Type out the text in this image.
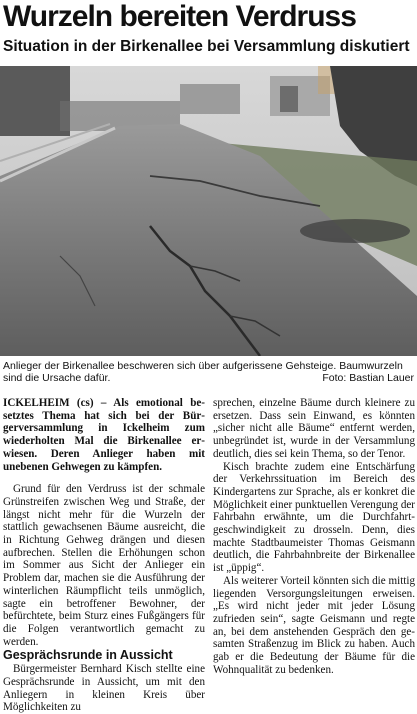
Wurzeln bereiten Verdruss
Situation in der Birkenallee bei Versammlung diskutiert
Anlieger der Birkenallee beschweren sich über aufgerissene Gehsteige. Baumwurzeln sind die Ursache dafür.	Foto: Bastian Lauer

ICKELHEIM (cs) – Als emotional besetztes Thema hat sich bei der Bürgerversammlung in Ickelheim zum wiederholten Mal die Birkenallee erwiesen. Deren Anlieger haben mit unebenen Gehwegen zu kämpfen.

Grund für den Verdruss ist der schmale Grünstreifen zwischen Weg und Straße, der längst nicht mehr für die Wurzeln der stattlich gewachsenen Bäume ausreicht, die in Richtung Gehweg drängen und diesen aufbrechen. Stellen die Erhöhungen schon im Sommer aus Sicht der Anlieger ein Problem dar, machen sie die Ausführung der winterlichen Räumpflicht teils unmöglich, sagte ein betroffener Bewohner, der befürchtete, beim Sturz eines Fußgängers für die Folgen verantwortlich gemacht zu werden.

Gesprächsrunde in Aussicht

Bürgermeister Bernhard Kisch stellte eine Gesprächsrunde in Aussicht, um mit den Anliegern in kleinen Kreis über Möglichkeiten zu

sprechen, einzelne Bäume durch kleinere zu ersetzen. Dass sein Einwand, es könnten „sicher nicht alle Bäume“ entfernt werden, unbegründet ist, wurde in der Versammlung deutlich, dies sei kein Thema, so der Tenor.

Kisch brachte zudem eine Entschärfung der Verkehrssituation im Bereich des Kindergartens zur Sprache, als er konkret die Möglichkeit einer punktuellen Verengung der Fahrbahn erwähnte, um die Durchfahrtgeschwindigkeit zu drosseln. Denn, dies machte Stadtbaumeister Thomas Geismann deutlich, die Fahrbahnbreite der Birkenallee ist „üppig“.

Als weiterer Vorteil könnten sich die mittig liegenden Versorgungsleitungen erweisen. „Es wird nicht jeder mit jeder Lösung zufrieden sein“, sagte Geismann und regte an, bei dem anstehenden Gespräch den gesamten Straßenzug im Blick zu haben. Auch gab er die Bedeutung der Bäume für die Wohnqualität zu bedenken.
